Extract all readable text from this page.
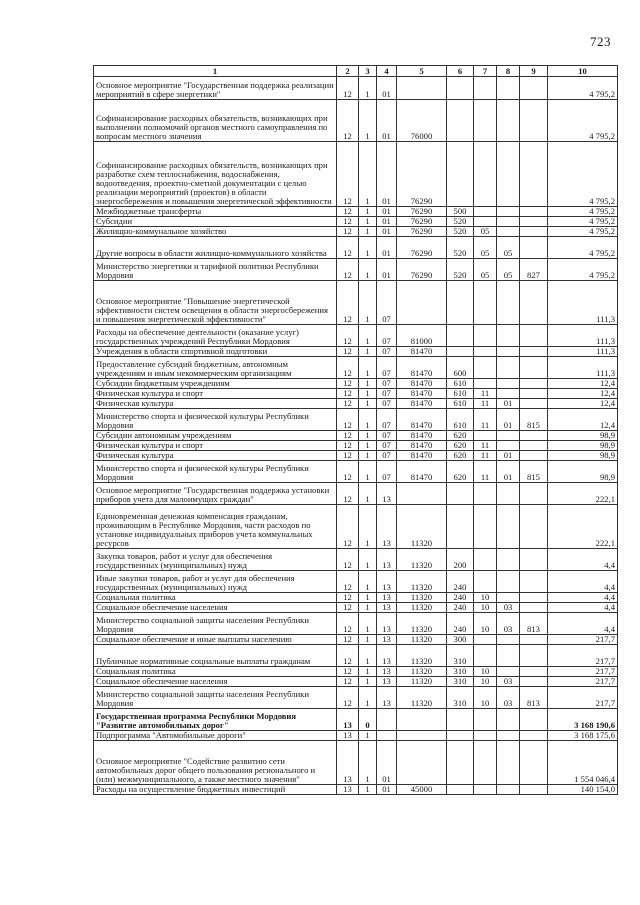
723
1	2	3	4	5	6	7	8	9	10
Основное мероприятие "Государственная поддержка реализации мероприятий в сфере энергетики"	12	1	01						4 795,2
Софинансирование расходных обязательств, возникающих при выполнении полномочий органов местного самоуправления по вопросам местного значения	12	1	01	76000					4 795,2
Софинансирование расходных обязательств, возникающих при разработке схем теплоснабжения, водоснабжения, водоотведения, проектно-сметной документации с целью реализации мероприятий (проектов) в области энергосбережения и повышения энергетической эффективности	12	1	01	76290					4 795,2
Межбюджетные трансферты	12	1	01	76290	500				4 795,2
Субсидии	12	1	01	76290	520				4 795,2
Жилищно-коммунальное хозяйство	12	1	01	76290	520	05			4 795,2
Другие вопросы в области жилищно-коммунального хозяйства	12	1	01	76290	520	05	05		4 795,2
Министерство энергетики и тарифной политики Республики Мордовия	12	1	01	76290	520	05	05	827	4 795,2
Основное мероприятие "Повышение энергетической эффективности систем освещения в области энергосбережения и повышения энергетической эффективности"	12	1	07						111,3
Расходы на обеспечение деятельности (оказание услуг) государственных учреждений Республики Мордовия	12	1	07	81000					111,3
Учреждения в области спортивной подготовки	12	1	07	81470					111,3
Предоставление субсидий бюджетным, автономным учреждениям и иным некоммерческим организациям	12	1	07	81470	600				111,3
Субсидии бюджетным учреждениям	12	1	07	81470	610				12,4
Физическая культура и спорт	12	1	07	81470	610	11			12,4
Физическая культура	12	1	07	81470	610	11	01		12,4
Министерство спорта и физической культуры Республики Мордовия	12	1	07	81470	610	11	01	815	12,4
Субсидии автономным учреждениям	12	1	07	81470	620				98,9
Физическая культура и спорт	12	1	07	81470	620	11			98,9
Физическая культура	12	1	07	81470	620	11	01		98,9
Министерство спорта и физической культуры Республики Мордовия	12	1	07	81470	620	11	01	815	98,9
Основное мероприятие "Государственная поддержка установки приборов учета для малоимущих граждан"	12	1	13						222,1
Единовременная денежная компенсация гражданам, проживающим в Республике Мордовия, части расходов по установке индивидуальных приборов учета коммунальных ресурсов	12	1	13	11320					222,1
Закупка товаров, работ и услуг для обеспечения государственных (муниципальных) нужд	12	1	13	11320	200				4,4
Иные закупки товаров, работ и услуг для обеспечения государственных (муниципальных) нужд	12	1	13	11320	240				4,4
Социальная политика	12	1	13	11320	240	10			4,4
Социальное обеспечение населения	12	1	13	11320	240	10	03		4,4
Министерство социальной защиты населения Республики Мордовия	12	1	13	11320	240	10	03	813	4,4
Социальное обеспечение и иные выплаты населению	12	1	13	11320	300				217,7
Публичные нормативные социальные выплаты гражданам	12	1	13	11320	310				217,7
Социальная политика	12	1	13	11320	310	10			217,7
Социальное обеспечение населения	12	1	13	11320	310	10	03		217,7
Министерство социальной защиты населения Республики Мордовия	12	1	13	11320	310	10	03	813	217,7
Государственная программа Республики Мордовия "Развитие автомобильных дорог"	13	0							3 168 190,6
Подпрограмма "Автомобильные дороги"	13	1							3 168 175,6
Основное мероприятие "Содействие развитию сети автомобильных дорог общего пользования регионального и (или) межмуниципального, а также местного значения"	13	1	01						1 554 046,4
Расходы на осуществление бюджетных инвестиций	13	1	01	45000					140 154,0
